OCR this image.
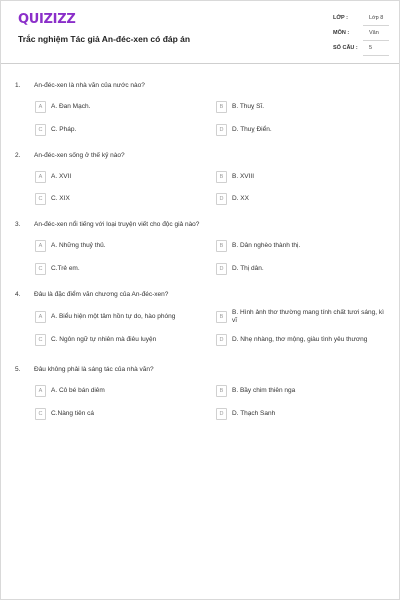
QUIZIZZ
Trắc nghiệm Tác giả An-đéc-xen có đáp án
LỚP :	Lớp 8
MÔN :	Văn
SỐ CÂU : 5
1. An-đéc-xen là nhà văn của nước nào?
A	A. Đan Mạch.	B	B. Thuỵ Sĩ.
C	C. Pháp.	D	D. Thuỵ Điển.
2. An-đéc-xen sống ở thế kỷ nào?
A	A. XVII	B	B. XVIII
C	C. XIX	D	D. XX
3. An-đéc-xen nổi tiếng với loại truyện viết cho độc giả nào?
A	A. Những thuỷ thủ.	B	B. Dân nghèo thành thị.
C	C.Trẻ em.	D	D. Thị dân.
4. Đâu là đặc điểm văn chương của An-đéc-xen?
A	A. Biểu hiện một tâm hồn tự do, hào phóng	B
B. Hình ảnh thơ thường mang tính chất tươi sáng, kì vĩ
C	C. Ngôn ngữ tự nhiên mà điêu luyện	D	D. Nhẹ nhàng, thơ mộng, giàu tình yêu thương
5. Đâu không phải là sáng tác của nhà văn?
A	A. Cô bé bán diêm	B	B. Bầy chim thiên nga
C	C.Nàng tiên cá	D	D. Thạch Sanh
